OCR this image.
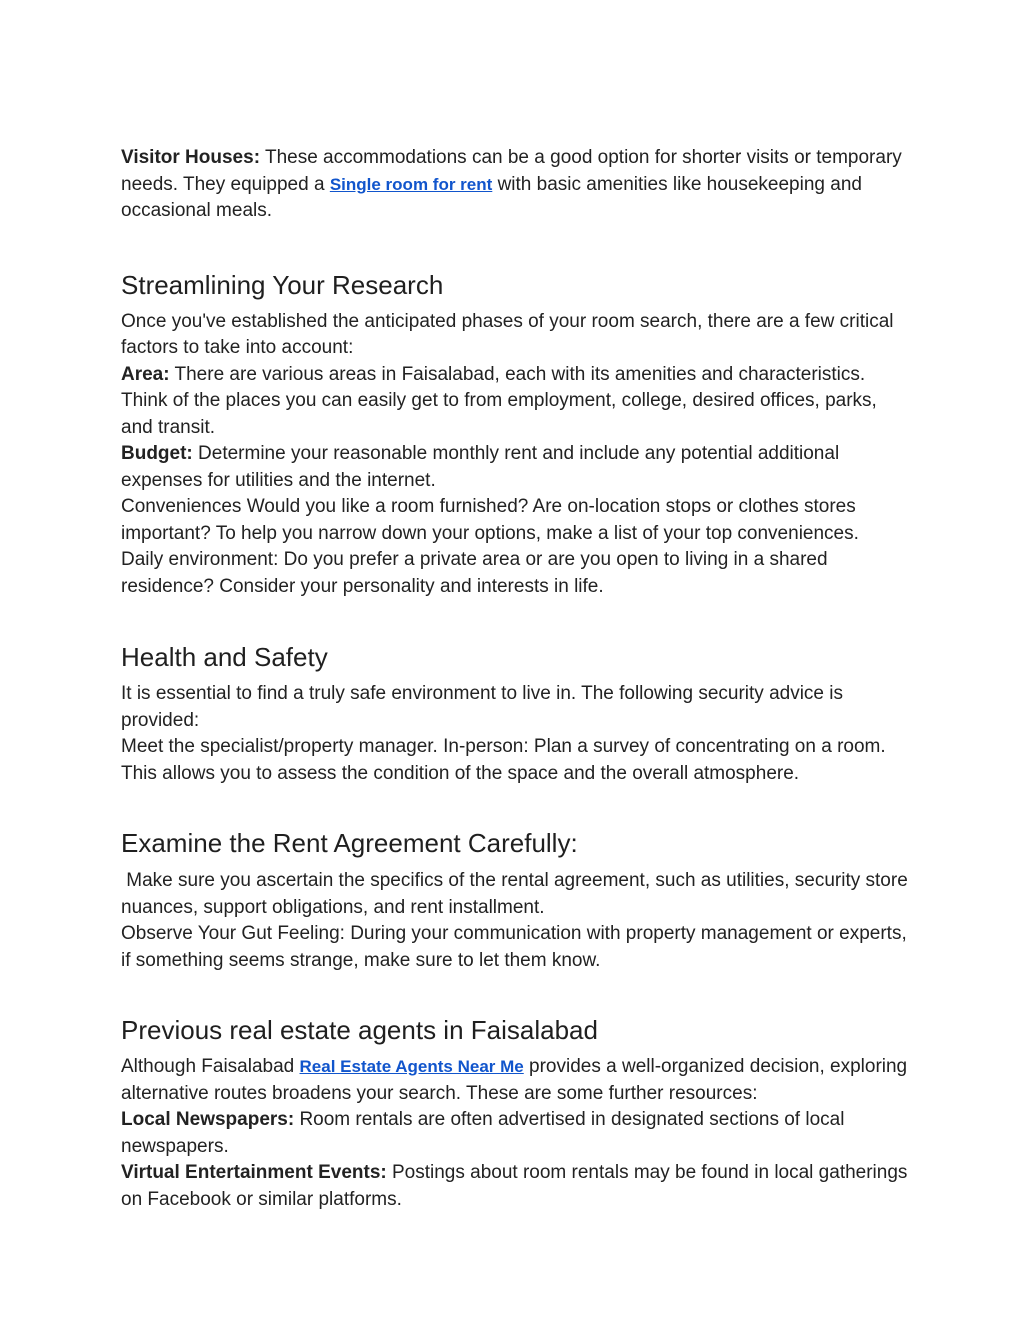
Visitor Houses: These accommodations can be a good option for shorter visits or temporary needs. They equipped a Single room for rent with basic amenities like housekeeping and occasional meals.

Streamlining Your Research

Once you've established the anticipated phases of your room search, there are a few critical factors to take into account:

Area: There are various areas in Faisalabad, each with its amenities and characteristics. Think of the places you can easily get to from employment, college, desired offices, parks, and transit.

Budget: Determine your reasonable monthly rent and include any potential additional expenses for utilities and the internet.

Conveniences Would you like a room furnished? Are on-location stops or clothes stores important? To help you narrow down your options, make a list of your top conveniences.

Daily environment: Do you prefer a private area or are you open to living in a shared residence? Consider your personality and interests in life.

Health and Safety

It is essential to find a truly safe environment to live in. The following security advice is provided:

Meet the specialist/property manager. In-person: Plan a survey of concentrating on a room. This allows you to assess the condition of the space and the overall atmosphere.

Examine the Rent Agreement Carefully:

Make sure you ascertain the specifics of the rental agreement, such as utilities, security store nuances, support obligations, and rent installment.

Observe Your Gut Feeling: During your communication with property management or experts, if something seems strange, make sure to let them know.

Previous real estate agents in Faisalabad

Although Faisalabad Real Estate Agents Near Me provides a well-organized decision, exploring alternative routes broadens your search. These are some further resources:

Local Newspapers: Room rentals are often advertised in designated sections of local newspapers.

Virtual Entertainment Events: Postings about room rentals may be found in local gatherings on Facebook or similar platforms.
